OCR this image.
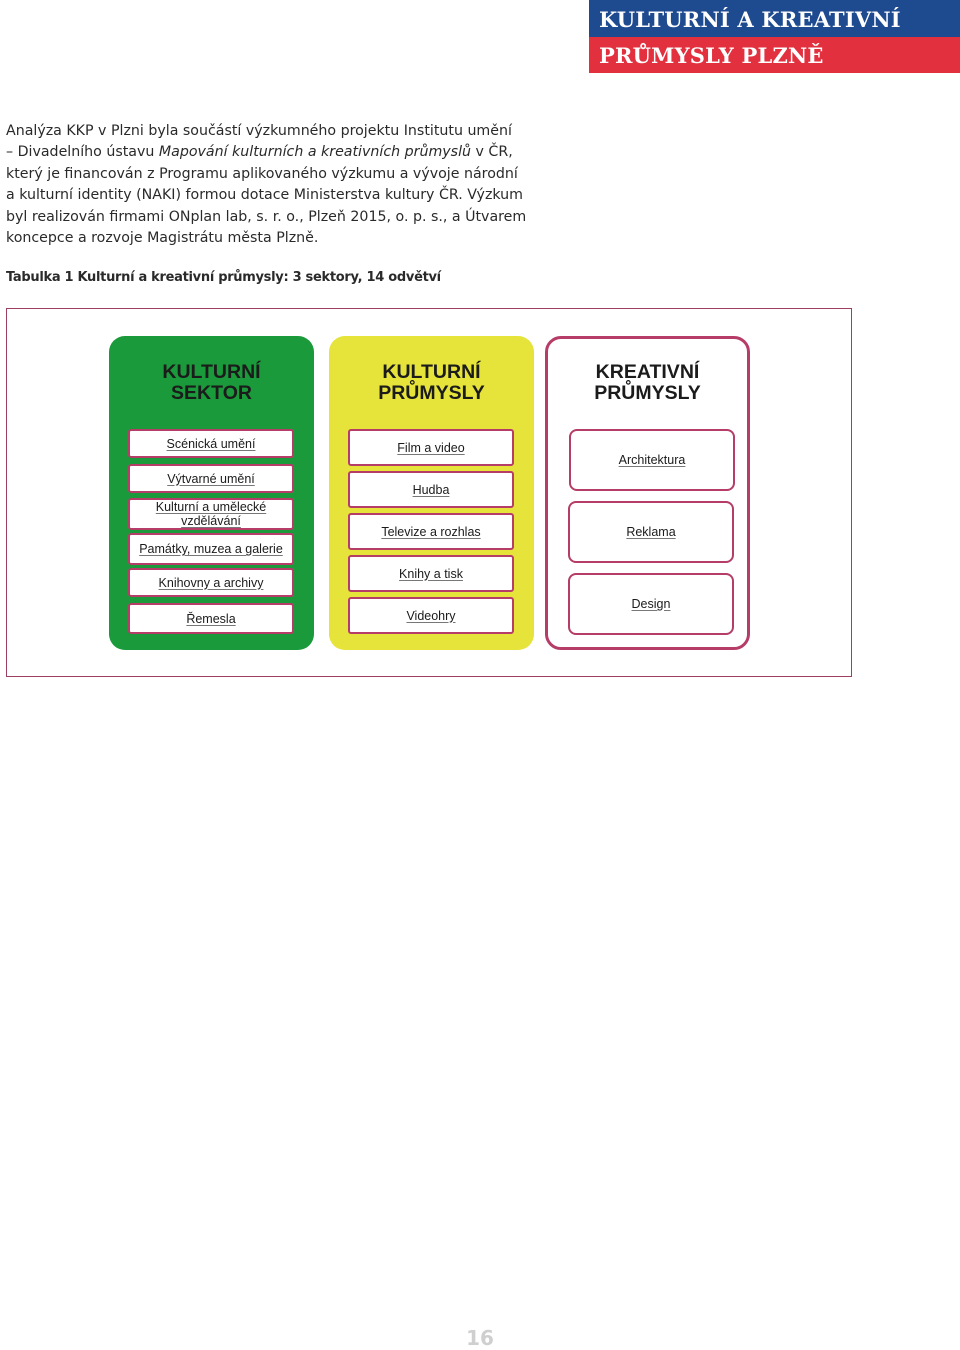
KULTURNÍ A KREATIVNÍ
PRŮMYSLY PLZNĚ

Analýza KKP v Plzni byla součástí výzkumného projektu Institutu umění
– Divadelního ústavu Mapování kulturních a kreativních průmyslů v ČR,
který je financován z Programu aplikovaného výzkumu a vývoje národní
a kulturní identity (NAKI) formou dotace Ministerstva kultury ČR. Výzkum
byl realizován firmami ONplan lab, s. r. o., Plzeň 2015, o. p. s., a Útvarem
koncepce a rozvoje Magistrátu města Plzně.

Tabulka 1 Kulturní a kreativní průmysly: 3 sektory, 14 odvětví
KULTURNÍ
SEKTOR
Scénická umění
Výtvarné umění
Kulturní a umělecké
vzdělávání
Památky, muzea a galerie
Knihovny a archivy
Řemesla
KULTURNÍ
PRŮMYSLY
Film a video
Hudba
Televize a rozhlas
Knihy a tisk
Videohry
KREATIVNÍ
PRŮMYSLY
Architektura
Reklama
Design
16
